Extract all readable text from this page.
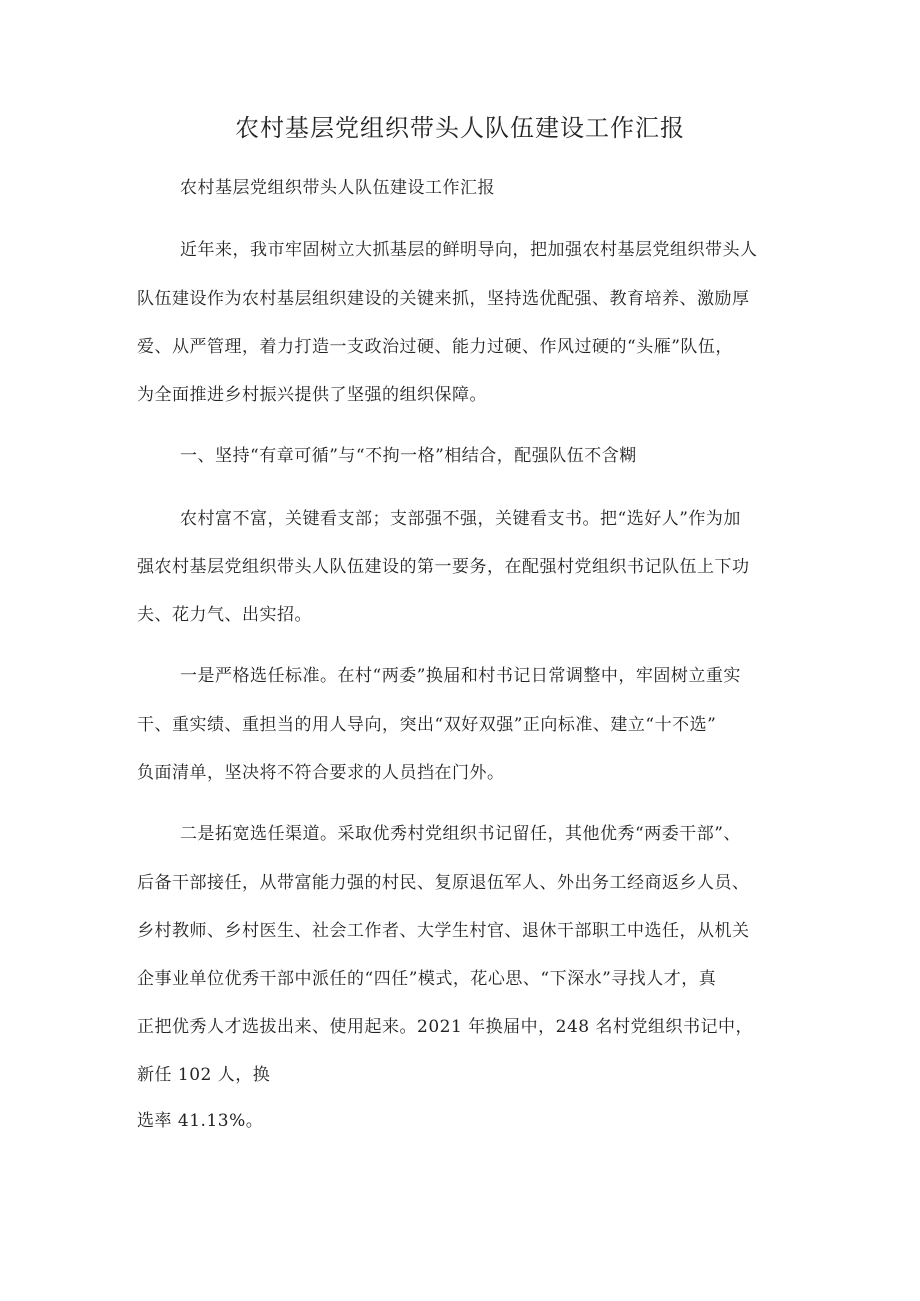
农村基层党组织带头人队伍建设工作汇报

农村基层党组织带头人队伍建设工作汇报

近年来，我市牢固树立大抓基层的鲜明导向，把加强农村基层党组织带头人

队伍建设作为农村基层组织建设的关键来抓，坚持选优配强、教育培养、激励厚

爱、从严管理，着力打造一支政治过硬、能力过硬、作风过硬的“头雁”队伍，

为全面推进乡村振兴提供了坚强的组织保障。

一、坚持“有章可循”与“不拘一格”相结合，配强队伍不含糊

农村富不富，关键看支部；支部强不强，关键看支书。把“选好人”作为加

强农村基层党组织带头人队伍建设的第一要务，在配强村党组织书记队伍上下功

夫、花力气、出实招。

一是严格选任标准。在村“两委”换届和村书记日常调整中，牢固树立重实

干、重实绩、重担当的用人导向，突出“双好双强”正向标准、建立“十不选”

负面清单，坚决将不符合要求的人员挡在门外。

二是拓宽选任渠道。采取优秀村党组织书记留任，其他优秀“两委干部”、

后备干部接任，从带富能力强的村民、复原退伍军人、外出务工经商返乡人员、

乡村教师、乡村医生、社会工作者、大学生村官、退休干部职工中选任，从机关

企事业单位优秀干部中派任的“四任”模式，花心思、“下深水”寻找人才，真

正把优秀人才选拔出来、使用起来。2021 年换届中，248 名村党组织书记中，

新任 102 人，换

选率 41.13%。
